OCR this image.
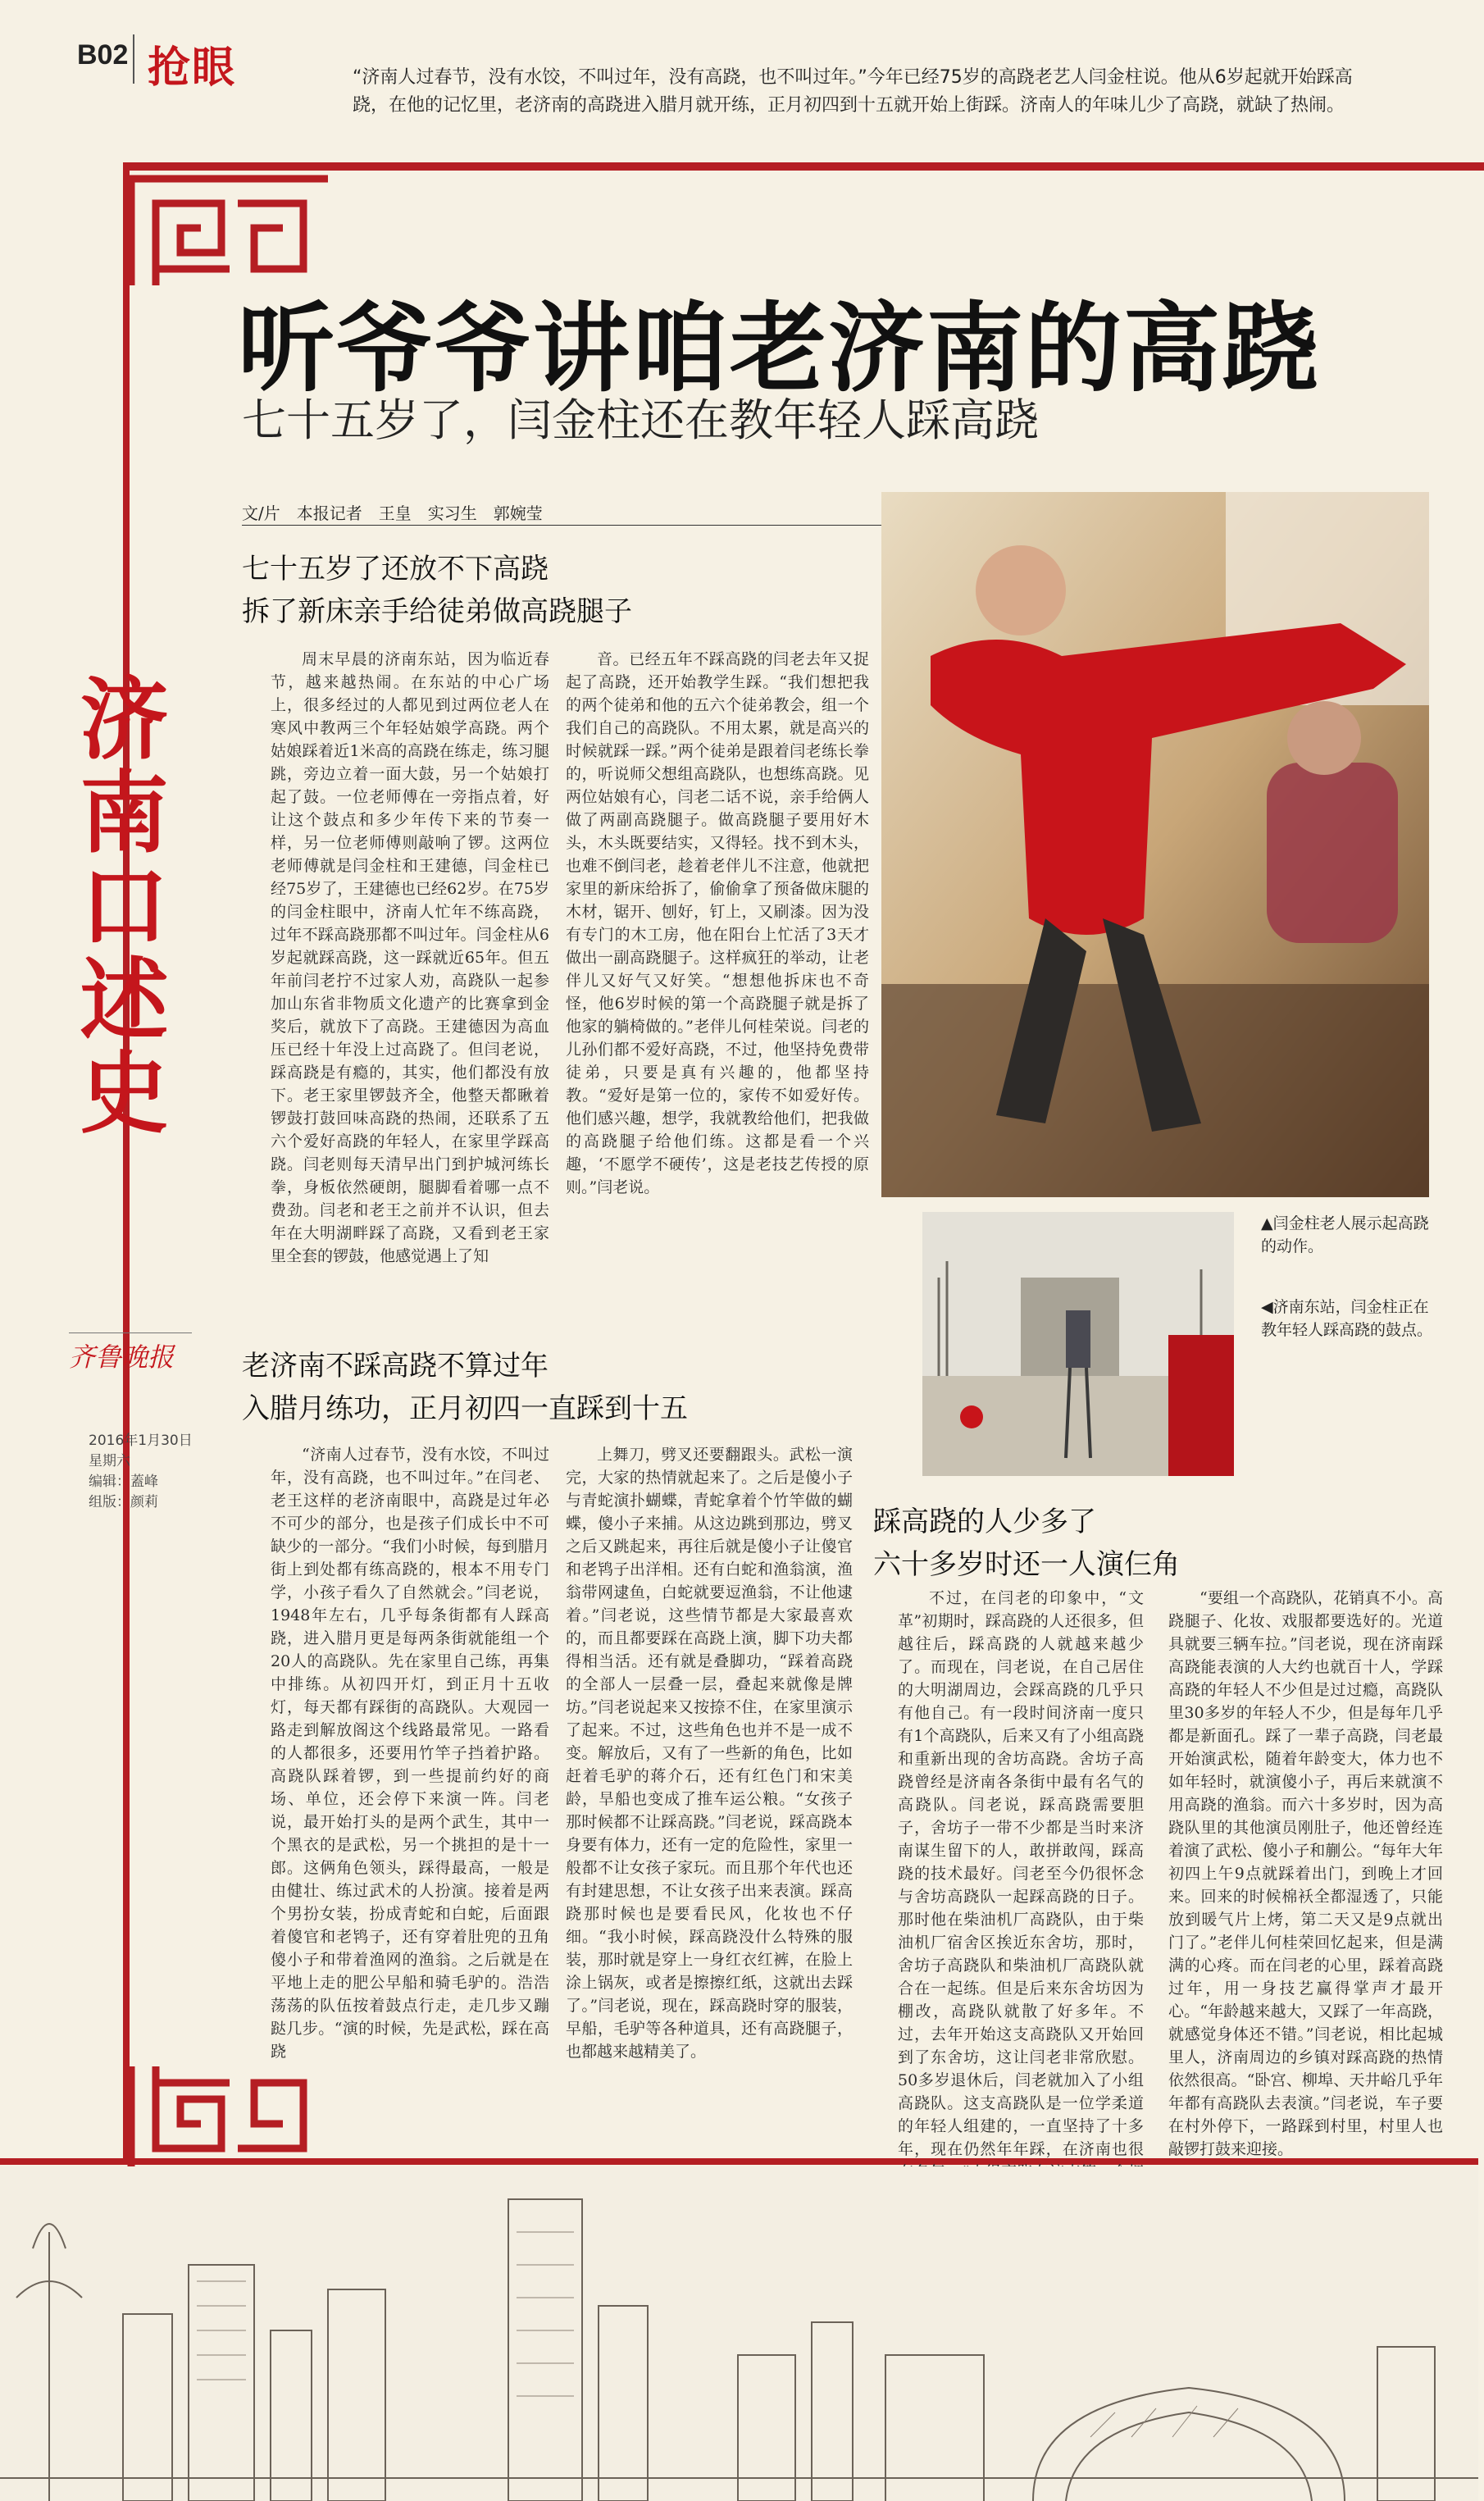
B02 抢眼	“济南人过春节，没有水饺，不叫过年，没有高跷，也不叫过年。”今年已经75岁的高跷老艺人闫金柱说。他从6岁起就开始踩高跷，在他的记忆里，老济南的高跷进入腊月就开练，正月初四到十五就开始上街踩。济南人的年味儿少了高跷，就缺了热闹。
听爷爷讲咱老济南的高跷
七十五岁了，闫金柱还在教年轻人踩高跷
文/片　本报记者　王皇　实习生　郭婉莹
济南口述史
齐鲁晚报
2016年1月30日
星期六
编辑：蓋峰
组版：颜莉
七十五岁了还放不下高跷
拆了新床亲手给徒弟做高跷腿子

周末早晨的济南东站，因为临近春节，越来越热闹。在东站的中心广场上，很多经过的人都见到过两位老人在寒风中教两三个年轻姑娘学高跷。两个姑娘踩着近1米高的高跷在练走，练习腿跳，旁边立着一面大鼓，另一个姑娘打起了鼓。一位老师傅在一旁指点着，好让这个鼓点和多少年传下来的节奏一样，另一位老师傅则敲响了锣。这两位老师傅就是闫金柱和王建德，闫金柱已经75岁了，王建德也已经62岁。在75岁的闫金柱眼中，济南人忙年不练高跷，过年不踩高跷那都不叫过年。闫金柱从6岁起就踩高跷，这一踩就近65年。但五年前闫老拧不过家人劝，高跷队一起参加山东省非物质文化遗产的比赛拿到金奖后，就放下了高跷。王建德因为高血压已经十年没上过高跷了。但闫老说，踩高跷是有瘾的，其实，他们都没有放下。老王家里锣鼓齐全，他整天都瞅着锣鼓打鼓回味高跷的热闹，还联系了五六个爱好高跷的年轻人，在家里学踩高跷。闫老则每天清早出门到护城河练长拳，身板依然硬朗，腿脚看着哪一点不费劲。闫老和老王之前并不认识，但去年在大明湖畔踩了高跷，又看到老王家里全套的锣鼓，他感觉遇上了知

音。已经五年不踩高跷的闫老去年又捉起了高跷，还开始教学生踩。“我们想把我的两个徒弟和他的五六个徒弟教会，组一个我们自己的高跷队。不用太累，就是高兴的时候就踩一踩。”两个徒弟是跟着闫老练长拳的，听说师父想组高跷队，也想练高跷。见两位姑娘有心，闫老二话不说，亲手给俩人做了两副高跷腿子。做高跷腿子要用好木头，木头既要结实，又得轻。找不到木头，也难不倒闫老，趁着老伴儿不注意，他就把家里的新床给拆了，偷偷拿了预备做床腿的木材，锯开、刨好，钉上，又刷漆。因为没有专门的木工房，他在阳台上忙活了3天才做出一副高跷腿子。这样疯狂的举动，让老伴儿又好气又好笑。“想想他拆床也不奇怪，他6岁时候的第一个高跷腿子就是拆了他家的躺椅做的。”老伴儿何桂荣说。闫老的儿孙们都不爱好高跷，不过，他坚持免费带徒弟，只要是真有兴趣的，他都坚持教。“爱好是第一位的，家传不如爱好传。他们感兴趣，想学，我就教给他们，把我做的高跷腿子给他们练。这都是看一个兴趣，‘不愿学不硬传’，这是老技艺传授的原则。”闫老说。

老济南不踩高跷不算过年
入腊月练功，正月初四一直踩到十五

“济南人过春节，没有水饺，不叫过年，没有高跷，也不叫过年。”在闫老、老王这样的老济南眼中，高跷是过年必不可少的部分，也是孩子们成长中不可缺少的一部分。“我们小时候，每到腊月街上到处都有练高跷的，根本不用专门学，小孩子看久了自然就会。”闫老说，1948年左右，几乎每条街都有人踩高跷，进入腊月更是每两条街就能组一个20人的高跷队。先在家里自己练，再集中排练。从初四开灯，到正月十五收灯，每天都有踩街的高跷队。大观园一路走到解放阁这个线路最常见。一路看的人都很多，还要用竹竿子挡着护路。高跷队踩着锣，到一些提前约好的商场、单位，还会停下来演一阵。闫老说，最开始打头的是两个武生，其中一个黑衣的是武松，另一个挑担的是十一郎。这俩角色领头，踩得最高，一般是由健壮、练过武术的人扮演。接着是两个男扮女装，扮成青蛇和白蛇，后面跟着傻官和老鸨子，还有穿着肚兜的丑角傻小子和带着渔网的渔翁。之后就是在平地上走的肥公早船和骑毛驴的。浩浩荡荡的队伍按着鼓点行走，走几步又蹦跶几步。“演的时候，先是武松，踩在高跷

上舞刀，劈叉还要翻跟头。武松一演完，大家的热情就起来了。之后是傻小子与青蛇演扑蝴蝶，青蛇拿着个竹竿做的蝴蝶，傻小子来捕。从这边跳到那边，劈叉之后又跳起来，再往后就是傻小子让傻官和老鸨子出洋相。还有白蛇和渔翁演，渔翁带网逮鱼，白蛇就要逗渔翁，不让他逮着。”闫老说，这些情节都是大家最喜欢的，而且都要踩在高跷上演，脚下功夫都得相当活。还有就是叠脚功，“踩着高跷的全部人一层叠一层，叠起来就像是牌坊。”闫老说起来又按捺不住，在家里演示了起来。不过，这些角色也并不是一成不变。解放后，又有了一些新的角色，比如赶着毛驴的蒋介石，还有红色门和宋美龄，旱船也变成了推车运公粮。“女孩子那时候都不让踩高跷。”闫老说，踩高跷本身要有体力，还有一定的危险性，家里一般都不让女孩子家玩。而且那个年代也还有封建思想，不让女孩子出来表演。踩高跷那时候也是要看民风，化妆也不仔细。“我小时候，踩高跷没什么特殊的服装，那时就是穿上一身红衣红裤，在脸上涂上锅灰，或者是擦擦红纸，这就出去踩了。”闫老说，现在，踩高跷时穿的服装，早船，毛驴等各种道具，还有高跷腿子，也都越来越精美了。

▲闫金柱老人展示起高跷的动作。
◀济南东站，闫金柱正在教年轻人踩高跷的鼓点。
踩高跷的人少多了
六十多岁时还一人演仨角

不过，在闫老的印象中，“文革”初期时，踩高跷的人还很多，但越往后，踩高跷的人就越来越少了。而现在，闫老说，在自己居住的大明湖周边，会踩高跷的几乎只有他自己。有一段时间济南一度只有1个高跷队，后来又有了小组高跷和重新出现的舍坊高跷。舍坊子高跷曾经是济南各条街中最有名气的高跷队。闫老说，踩高跷需要胆子，舍坊子一带不少都是当时来济南谋生留下的人，敢拼敢闯，踩高跷的技术最好。闫老至今仍很怀念与舍坊高跷队一起踩高跷的日子。那时他在柴油机厂高跷队，由于柴油机厂宿舍区挨近东舍坊，那时，舍坊子高跷队和柴油机厂高跷队就合在一起练。但是后来东舍坊因为棚改，高跷队就散了好多年。不过，去年开始这支高跷队又开始回到了东舍坊，这让闫老非常欣慰。50多岁退休后，闫老就加入了小组高跷队。这支高跷队是一位学柔道的年轻人组建的，一直坚持了十多年，现在仍然年年踩，在济南也很

“要组一个高跷队，花销真不小。高跷腿子、化妆、戏服都要选好的。光道具就要三辆车拉。”闫老说，现在济南踩高跷能表演的人大约也就百十人，学踩高跷的年轻人不少但是过过瘾，高跷队里30多岁的年轻人不少，但是每年几乎都是新面孔。踩了一辈子高跷，闫老最开始演武松，随着年龄变大，体力也不如年轻时，就演傻小子，再后来就演不用高跷的渔翁。而六十多岁时，因为高跷队里的其他演员刚肚子，他还曾经连着演了武松、傻小子和蒯公。“每年大年初四上午9点就踩着出门，到晚上才回来。回来的时候棉袄全都湿透了，只能放到暖气片上烤，第二天又是9点就出门了。”老伴儿何桂荣回忆起来，但是满满的心疼。而在闫老的心里，踩着高跷过年，用一身技艺赢得掌声才最开心。“年龄越来越大，又踩了一年高跷，就感觉身体还不错。”闫老说，相比起城里人，济南周边的乡镇对踩高跷的热情依然很高。“卧宫、柳埠、天井峪几乎年年都有高跷队去表演。”闫老说，车子要在村外停下，一路踩到村里，村里人也敲锣打鼓来迎接。
